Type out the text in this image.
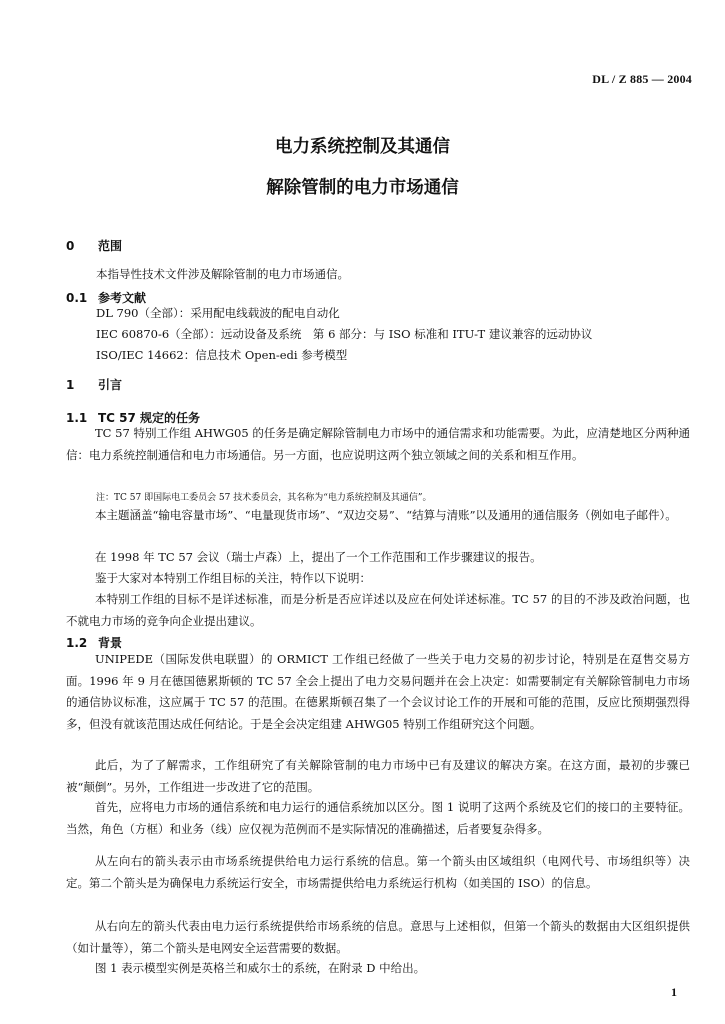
DL / Z 885 — 2004
电力系统控制及其通信
解除管制的电力市场通信
0 范围
本指导性技术文件涉及解除管制的电力市场通信。
0.1 参考文献
DL 790（全部）：采用配电线载波的配电自动化
IEC 60870-6（全部）：远动设备及系统　第 6 部分：与 ISO 标准和 ITU-T 建议兼容的远动协议
ISO/IEC 14662：信息技术 Open-edi 参考模型
1 引言
1.1 TC 57 规定的任务

TC 57 特别工作组 AHWG05 的任务是确定解除管制电力市场中的通信需求和功能需要。为此，应清楚地区分两种通信：电力系统控制通信和电力市场通信。另一方面，也应说明这两个独立领域之间的关系和相互作用。

注：TC 57 即国际电工委员会 57 技术委员会，其名称为“电力系统控制及其通信”。

本主题涵盖“输电容量市场”、“电量现货市场”、“双边交易”、“结算与清账”以及通用的通信服务（例如电子邮件）。

在 1998 年 TC 57 会议（瑞士卢森）上，提出了一个工作范围和工作步骤建议的报告。

鉴于大家对本特别工作组目标的关注，特作以下说明：

本特别工作组的目标不是详述标准，而是分析是否应详述以及应在何处详述标准。TC 57 的目的不涉及政治问题，也不就电力市场的竞争向企业提出建议。

1.2 背景

UNIPEDE（国际发供电联盟）的 ORMICT 工作组已经做了一些关于电力交易的初步讨论，特别是在趸售交易方面。1996 年 9 月在德国德累斯顿的 TC 57 全会上提出了电力交易问题并在会上决定：如需要制定有关解除管制电力市场的通信协议标准，这应属于 TC 57 的范围。在德累斯顿召集了一个会议讨论工作的开展和可能的范围，反应比预期强烈得多，但没有就该范围达成任何结论。于是全会决定组建 AHWG05 特别工作组研究这个问题。

此后，为了了解需求，工作组研究了有关解除管制的电力市场中已有及建议的解决方案。在这方面，最初的步骤已被“颠倒”。另外，工作组进一步改进了它的范围。

首先，应将电力市场的通信系统和电力运行的通信系统加以区分。图 1 说明了这两个系统及它们的接口的主要特征。当然，角色（方框）和业务（线）应仅视为范例而不是实际情况的准确描述，后者要复杂得多。

从左向右的箭头表示由市场系统提供给电力运行系统的信息。第一个箭头由区域组织（电网代号、市场组织等）决定。第二个箭头是为确保电力系统运行安全，市场需提供给电力系统运行机构（如美国的 ISO）的信息。

从右向左的箭头代表由电力运行系统提供给市场系统的信息。意思与上述相似，但第一个箭头的数据由大区组织提供（如计量等），第二个箭头是电网安全运营需要的数据。

图 1 表示模型实例是英格兰和威尔士的系统，在附录 D 中给出。

1
